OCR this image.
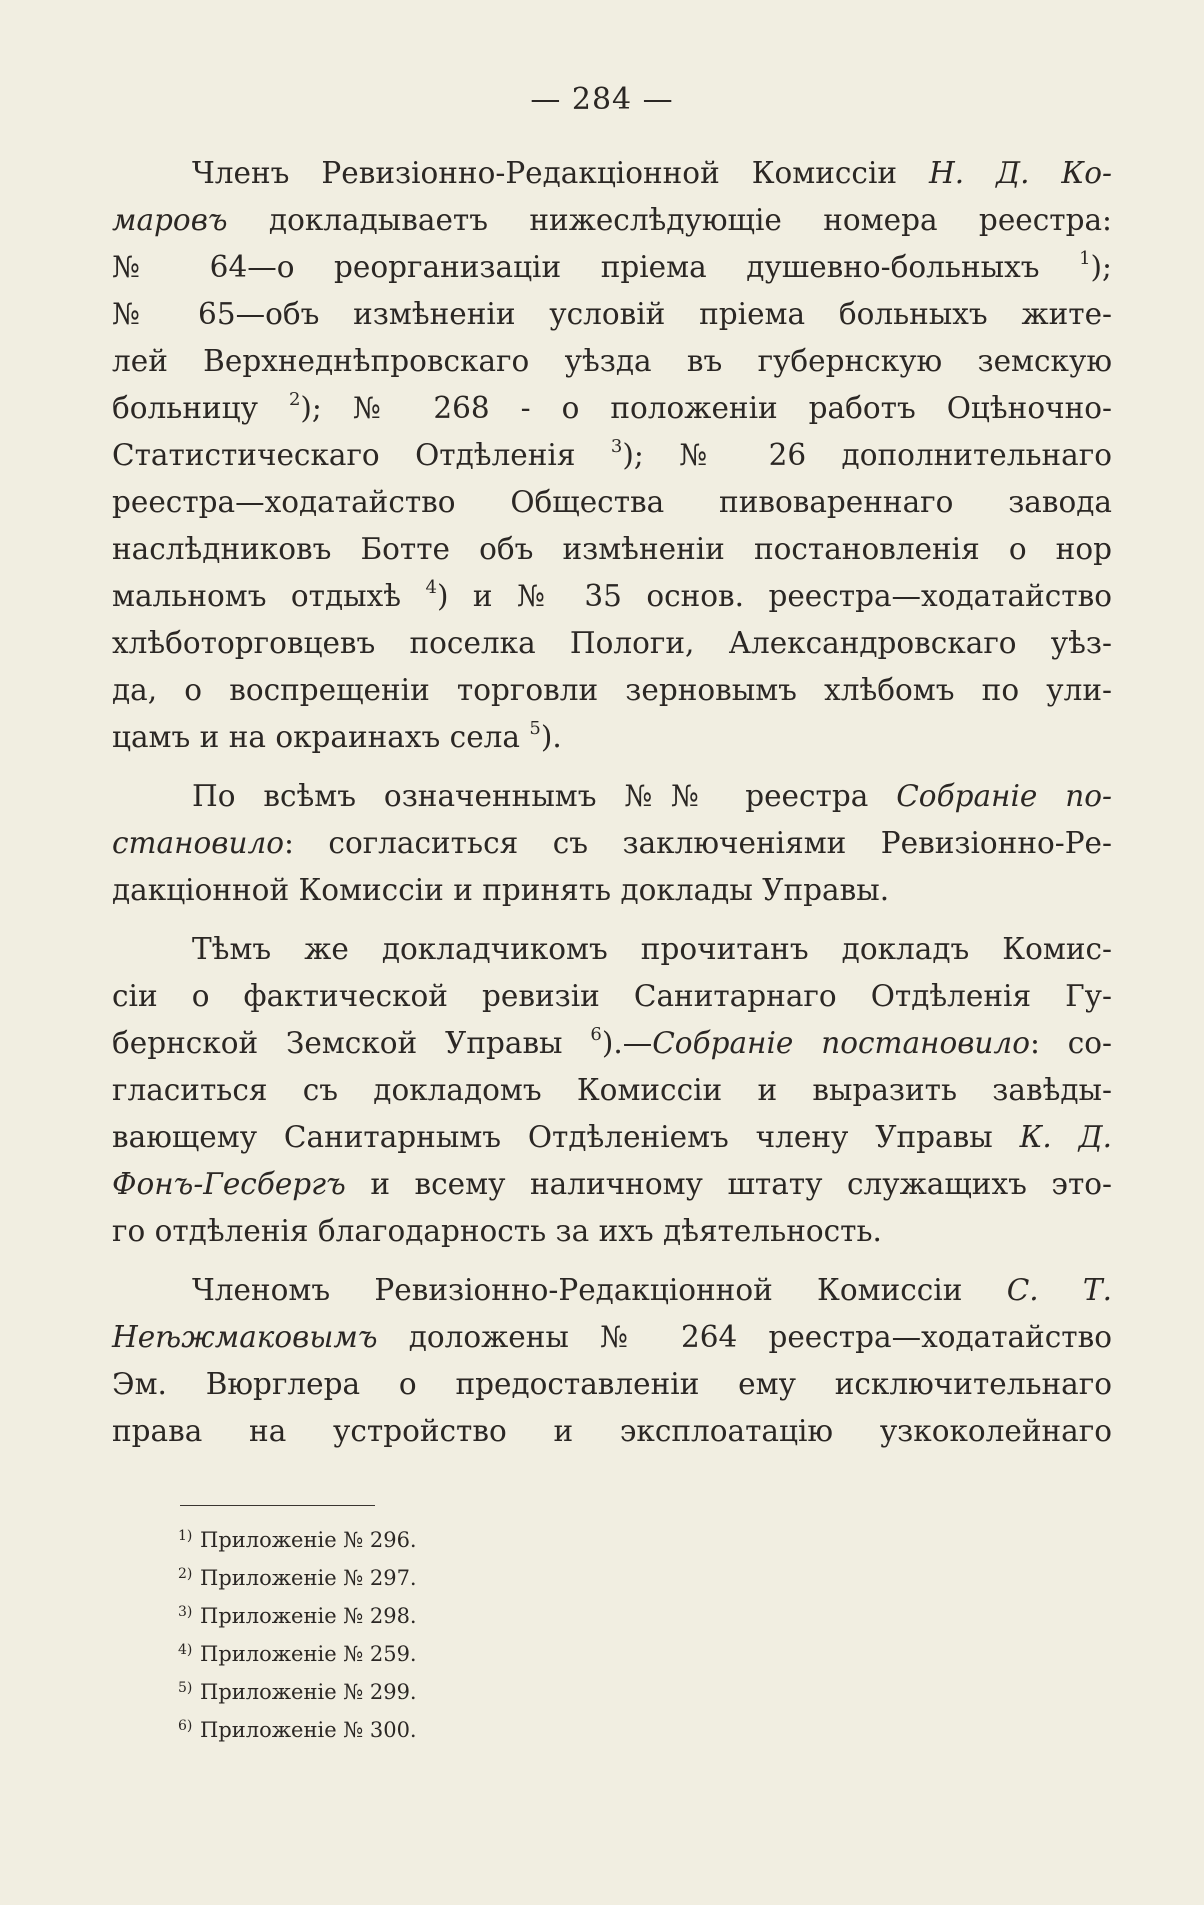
— 284 —
Членъ Ревизіонно-Редакціонной Комиссіи Н. Д. Ко-
маровъ докладываетъ нижеслѣдующіе номера реестра:
№ 64—о реорганизаціи пріема душевно-больныхъ $^1$);
№ 65—объ измѣненіи условій пріема больныхъ жите-
лей Верхнеднѣпровскаго уѣзда въ губернскую земскую
больницу $^2$); № 268 - о положеніи работъ Оцѣночно-
Статистическаго Отдѣленія $^3$); № 26 дополнительнаго
реестра—ходатайство Общества пивовареннаго завода
наслѣдниковъ Ботте объ измѣненіи постановленія о нор
мальномъ отдыхѣ $^4$) и № 35 основ. реестра—ходатайство
хлѣботорговцевъ поселка Пологи, Александровскаго уѣз-
да, о воспрещеніи торговли зерновымъ хлѣбомъ по ули-
цамъ и на окраинахъ села $^5$).
По всѣмъ означеннымъ №№ реестра Собраніе по-
становило: согласиться съ заключеніями Ревизіонно-Ре-
дакціонной Комиссіи и принять доклады Управы.
Тѣмъ же докладчикомъ прочитанъ докладъ Комис-
сіи о фактической ревизіи Санитарнаго Отдѣленія Гу-
бернской Земской Управы $^6$).—Собраніе постановило: со-
гласиться съ докладомъ Комиссіи и выразить завѣды-
вающему Санитарнымъ Отдѣленіемъ члену Управы К. Д.
Фонъ-Гесбергъ и всему наличному штату служащихъ это-
го отдѣленія благодарность за ихъ дѣятельность.
Членомъ Ревизіонно-Редакціонной Комиссіи С. Т.
Неѣжмаковымъ доложены № 264 реестра—ходатайство
Эм. Вюрглера о предоставленіи ему исключительнаго
права на устройство и эксплоатацію узкоколейнаго
1) Приложеніе № 296.
2) Приложеніе № 297.
3) Приложеніе № 298.
4) Приложеніе № 259.
5) Приложеніе № 299.
6) Приложеніе № 300.
